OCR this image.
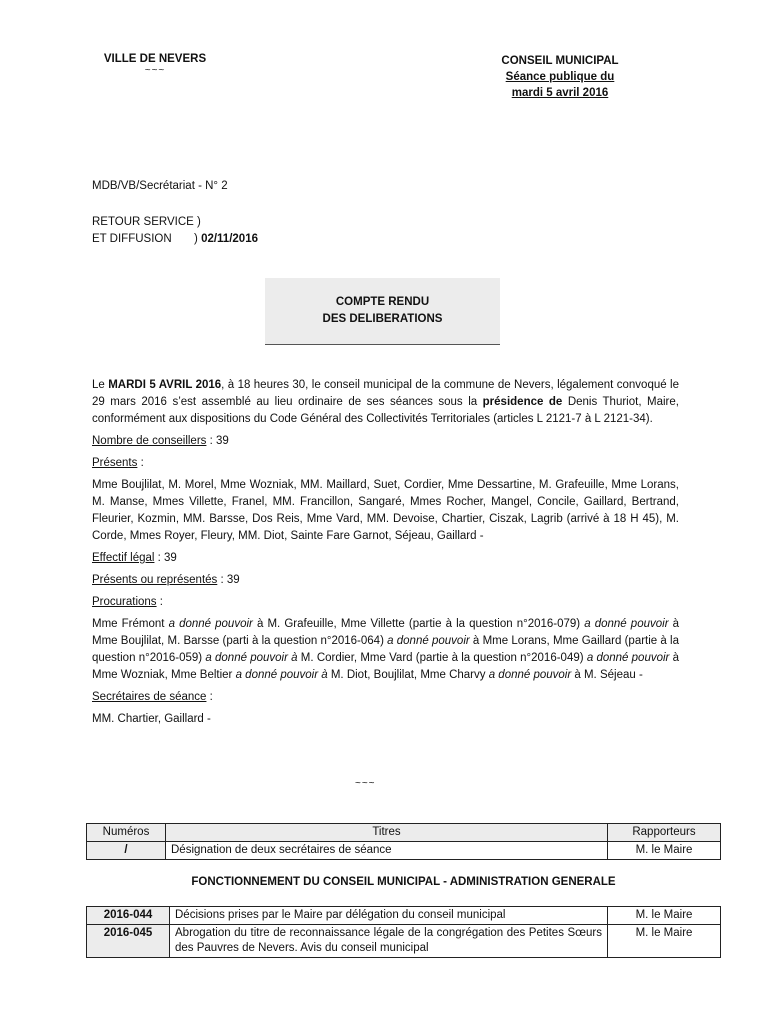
VILLE DE NEVERS
~~~
CONSEIL MUNICIPAL
Séance publique du
mardi 5 avril 2016
MDB/VB/Secrétariat - N° 2
RETOUR SERVICE )
ET DIFFUSION       ) 02/11/2016
COMPTE RENDU
DES DELIBERATIONS

Le MARDI 5 AVRIL 2016, à 18 heures 30, le conseil municipal de la commune de Nevers, légalement convoqué le 29 mars 2016 s’est assemblé au lieu ordinaire de ses séances sous la présidence de Denis Thuriot, Maire, conformément aux dispositions du Code Général des Collectivités Territoriales (articles L 2121-7 à L 2121-34).

Nombre de conseillers : 39

Présents :

Mme Boujlilat, M. Morel, Mme Wozniak, MM. Maillard, Suet, Cordier, Mme Dessartine, M. Grafeuille, Mme Lorans, M. Manse, Mmes Villette, Franel, MM. Francillon, Sangaré, Mmes Rocher, Mangel, Concile, Gaillard, Bertrand, Fleurier, Kozmin, MM. Barsse, Dos Reis, Mme Vard, MM. Devoise, Chartier, Ciszak, Lagrib (arrivé à 18 H 45), M. Corde, Mmes Royer, Fleury, MM. Diot, Sainte Fare Garnot, Séjeau, Gaillard -

Effectif légal : 39

Présents ou représentés : 39

Procurations :

Mme Frémont a donné pouvoir à M. Grafeuille, Mme Villette (partie à la question n°2016-079) a donné pouvoir à Mme Boujlilat, M. Barsse (parti à la question n°2016-064) a donné pouvoir à Mme Lorans, Mme Gaillard (partie à la question n°2016-059) a donné pouvoir à M. Cordier, Mme Vard (partie à la question n°2016-049) a donné pouvoir à Mme Wozniak, Mme Beltier a donné pouvoir à M. Diot, Boujlilat, Mme Charvy a donné pouvoir à M. Séjeau -

Secrétaires de séance :

MM. Chartier, Gaillard -

~~~
Numéros	Titres	Rapporteurs
/	Désignation de deux secrétaires de séance	M. le Maire
FONCTIONNEMENT DU CONSEIL MUNICIPAL - ADMINISTRATION GENERALE
2016-044	Décisions prises par le Maire par délégation du conseil municipal	M. le Maire
2016-045	Abrogation du titre de reconnaissance légale de la congrégation des Petites Sœurs des Pauvres de Nevers. Avis du conseil municipal	M. le Maire
